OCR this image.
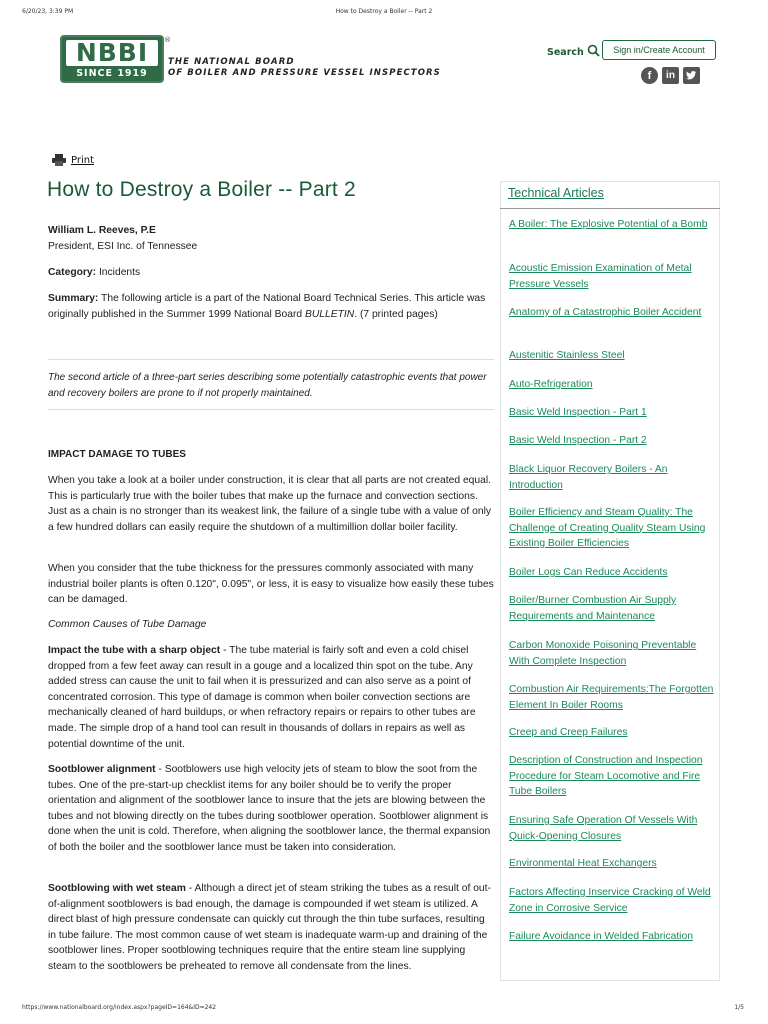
6/20/23, 3:39 PM	How to Destroy a Boiler -- Part 2
https://www.nationalboard.org/index.aspx?pageID=164&ID=242	1/5
NBBI
SINCE 1919
®
THE NATIONAL BOARD
OF BOILER AND PRESSURE VESSEL INSPECTORS
Search	Sign in/Create Account
f	in
Print
How to Destroy a Boiler -- Part 2

William L. Reeves, P.E

President, ESI Inc. of Tennessee

Category: Incidents

Summary: The following article is a part of the National Board Technical Series. This article was originally published in the Summer 1999 National Board BULLETIN. (7 printed pages)

The second article of a three-part series describing some potentially catastrophic events that power and recovery boilers are prone to if not properly maintained.
IMPACT DAMAGE TO TUBES
When you take a look at a boiler under construction, it is clear that all parts are not created equal. This is particularly true with the boiler tubes that make up the furnace and convection sections. Just as a chain is no stronger than its weakest link, the failure of a single tube with a value of only a few hundred dollars can easily require the shutdown of a multimillion dollar boiler facility.
When you consider that the tube thickness for the pressures commonly associated with many industrial boiler plants is often 0.120", 0.095", or less, it is easy to visualize how easily these tubes can be damaged.
Common Causes of Tube Damage

Impact the tube with a sharp object - The tube material is fairly soft and even a cold chisel dropped from a few feet away can result in a gouge and a localized thin spot on the tube. Any added stress can cause the unit to fail when it is pressurized and can also serve as a point of concentrated corrosion. This type of damage is common when boiler convection sections are mechanically cleaned of hard buildups, or when refractory repairs or repairs to other tubes are made. The simple drop of a hand tool can result in thousands of dollars in repairs as well as potential downtime of the unit.

Sootblower alignment - Sootblowers use high velocity jets of steam to blow the soot from the tubes. One of the pre-start-up checklist items for any boiler should be to verify the proper orientation and alignment of the sootblower lance to insure that the jets are blowing between the tubes and not blowing directly on the tubes during sootblower operation. Sootblower alignment is done when the unit is cold. Therefore, when aligning the sootblower lance, the thermal expansion of both the boiler and the sootblower lance must be taken into consideration.

Sootblowing with wet steam - Although a direct jet of steam striking the tubes as a result of out-of-alignment sootblowers is bad enough, the damage is compounded if wet steam is utilized. A direct blast of high pressure condensate can quickly cut through the thin tube surfaces, resulting in tube failure. The most common cause of wet steam is inadequate warm-up and draining of the sootblower lines. Proper sootblowing techniques require that the entire steam line supplying steam to the sootblowers be preheated to remove all condensate from the lines.

Technical Articles
A Boiler: The Explosive Potential of a Bomb
Acoustic Emission Examination of Metal Pressure Vessels
Anatomy of a Catastrophic Boiler Accident
Austenitic Stainless Steel
Auto-Refrigeration
Basic Weld Inspection - Part 1
Basic Weld Inspection - Part 2
Black Liquor Recovery Boilers - An Introduction
Boiler Efficiency and Steam Quality: The Challenge of Creating Quality Steam Using Existing Boiler Efficiencies
Boiler Logs Can Reduce Accidents
Boiler/Burner Combustion Air Supply Requirements and Maintenance
Carbon Monoxide Poisoning Preventable With Complete Inspection
Combustion Air Requirements:The Forgotten Element In Boiler Rooms
Creep and Creep Failures
Description of Construction and Inspection Procedure for Steam Locomotive and Fire Tube Boilers
Ensuring Safe Operation Of Vessels With Quick-Opening Closures
Environmental Heat Exchangers
Factors Affecting Inservice Cracking of Weld Zone in Corrosive Service
Failure Avoidance in Welded Fabrication
